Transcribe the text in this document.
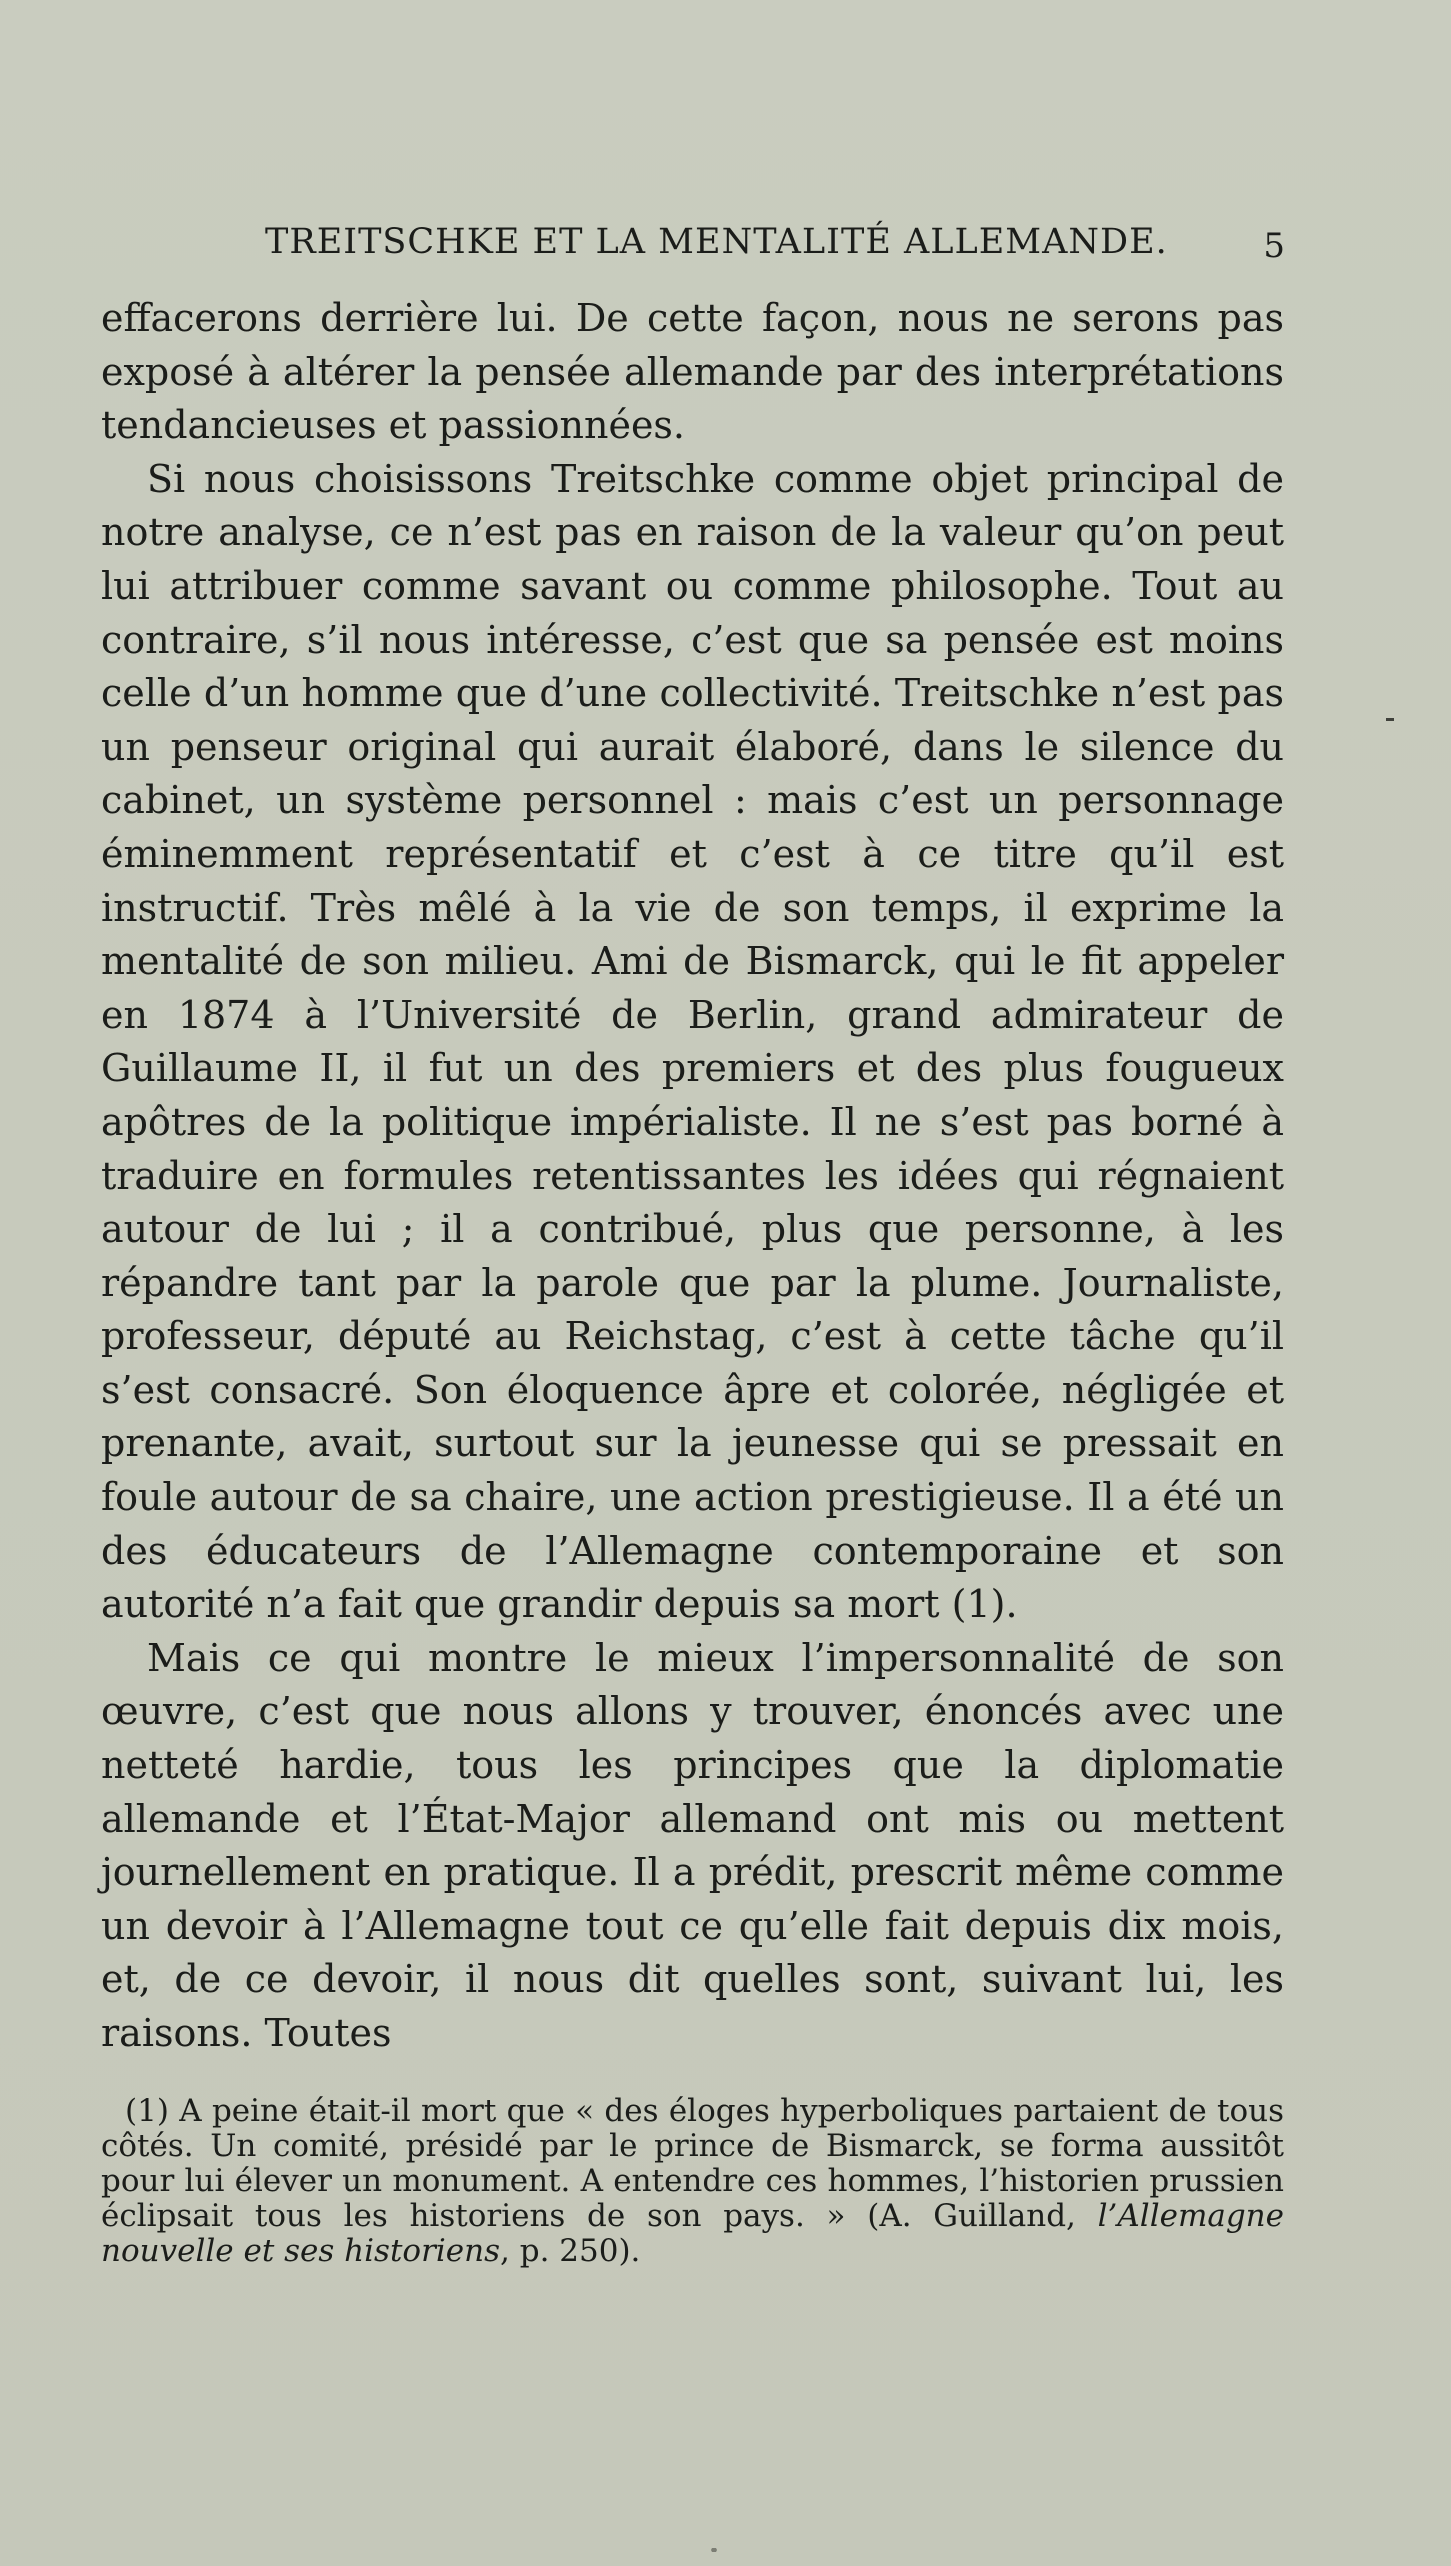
TREITSCHKE ET LA MENTALITÉ ALLEMANDE.	5

effacerons derrière lui. De cette façon, nous ne serons pas exposé à altérer la pensée allemande par des interprétations tendancieuses et passionnées.

Si nous choisissons Treitschke comme objet principal de notre analyse, ce n’est pas en raison de la valeur qu’on peut lui attribuer comme savant ou comme philosophe. Tout au contraire, s’il nous intéresse, c’est que sa pensée est moins celle d’un homme que d’une collectivité. Treitschke n’est pas un penseur original qui aurait élaboré, dans le silence du cabinet, un système personnel : mais c’est un personnage éminemment représentatif et c’est à ce titre qu’il est instructif. Très mêlé à la vie de son temps, il exprime la mentalité de son milieu. Ami de Bismarck, qui le fit appeler en 1874 à l’Université de Berlin, grand admirateur de Guillaume II, il fut un des premiers et des plus fougueux apôtres de la politique impérialiste. Il ne s’est pas borné à traduire en formules retentissantes les idées qui régnaient autour de lui ; il a contribué, plus que personne, à les répandre tant par la parole que par la plume. Journaliste, professeur, député au Reichstag, c’est à cette tâche qu’il s’est consacré. Son éloquence âpre et colorée, négligée et prenante, avait, surtout sur la jeunesse qui se pressait en foule autour de sa chaire, une action prestigieuse. Il a été un des éducateurs de l’Allemagne contemporaine et son autorité n’a fait que grandir depuis sa mort (1).

Mais ce qui montre le mieux l’impersonnalité de son œuvre, c’est que nous allons y trouver, énoncés avec une netteté hardie, tous les principes que la diplomatie allemande et l’État-Major allemand ont mis ou mettent journellement en pratique. Il a prédit, prescrit même comme un devoir à l’Allemagne tout ce qu’elle fait depuis dix mois, et, de ce devoir, il nous dit quelles sont, suivant lui, les raisons. Toutes

(1) A peine était-il mort que « des éloges hyperboliques partaient de tous côtés. Un comité, présidé par le prince de Bismarck, se forma aussitôt pour lui élever un monument. A entendre ces hommes, l’historien prussien éclipsait tous les historiens de son pays. » (A. Guilland, l’Allemagne nouvelle et ses historiens, p. 250).
